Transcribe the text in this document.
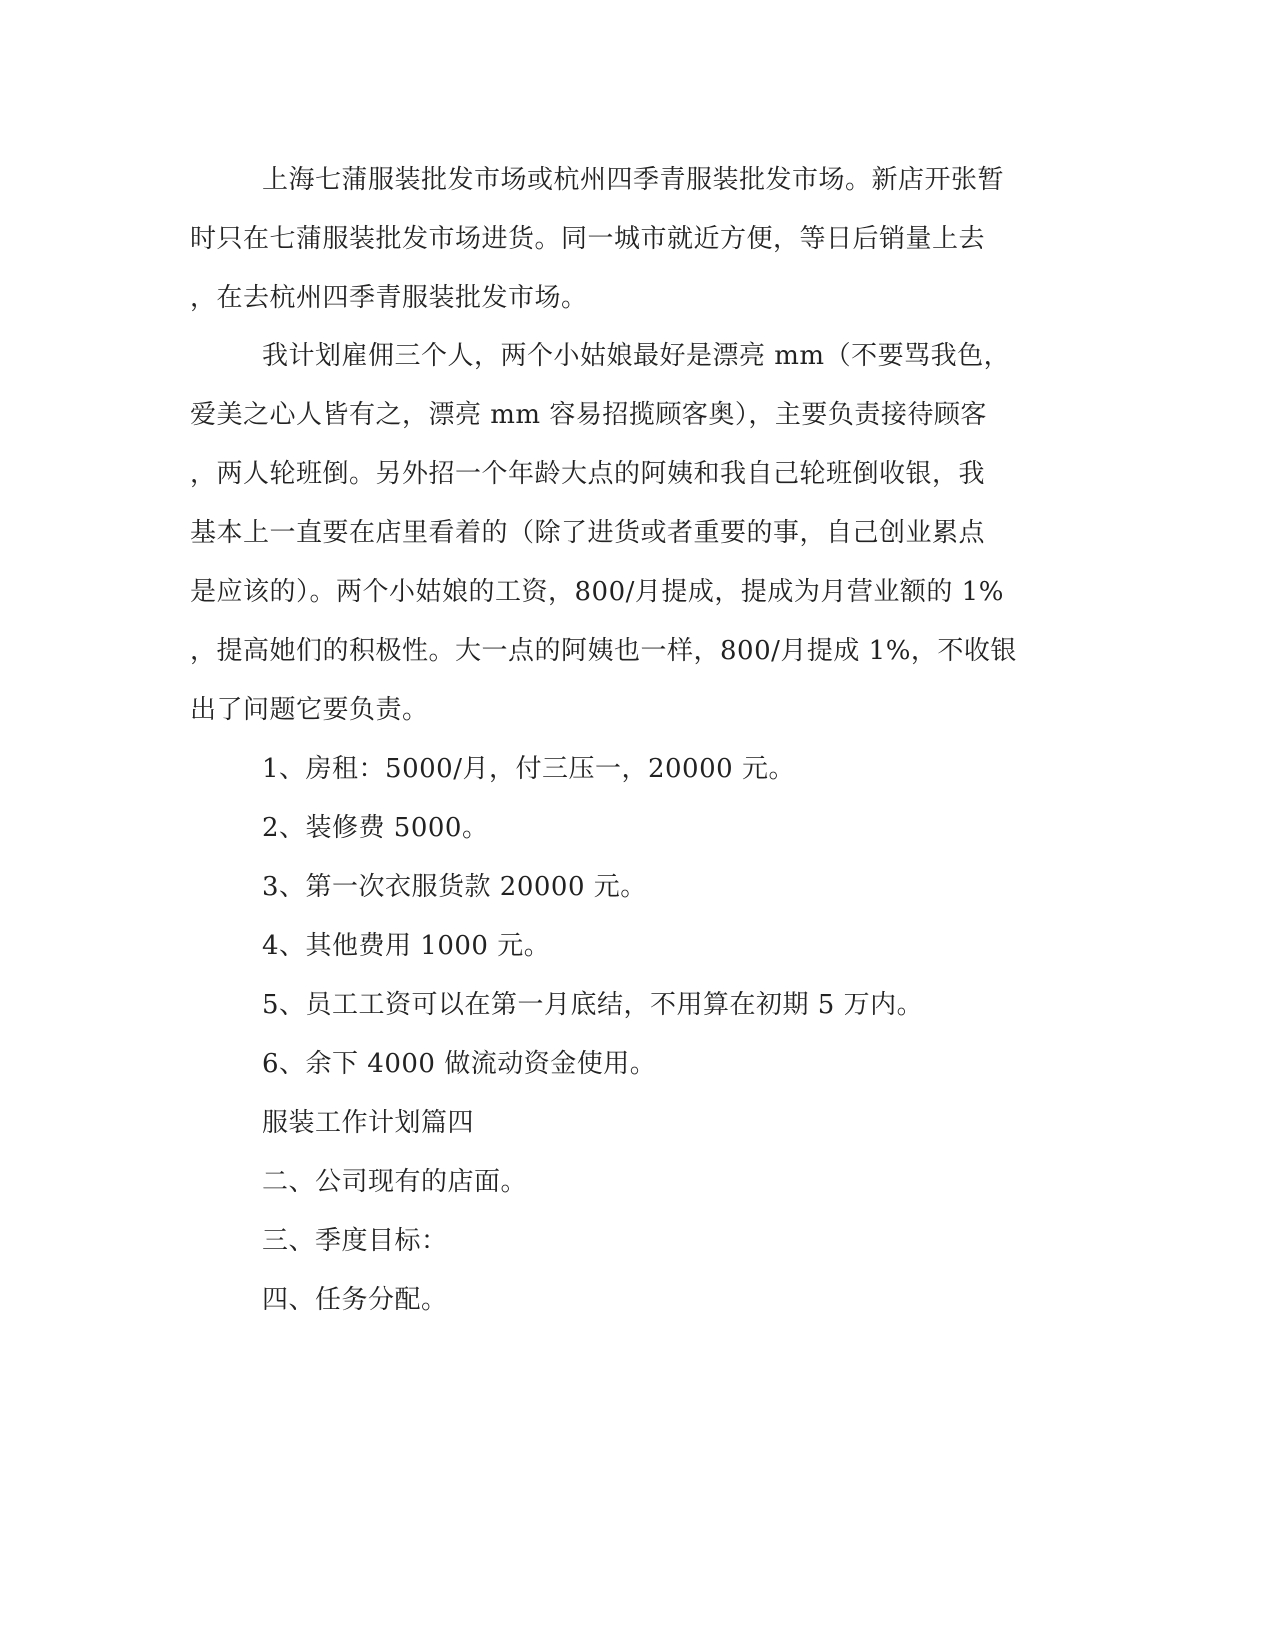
上海七蒲服装批发市场或杭州四季青服装批发市场。新店开张暂
时只在七蒲服装批发市场进货。同一城市就近方便，等日后销量上去
，在去杭州四季青服装批发市场。
我计划雇佣三个人，两个小姑娘最好是漂亮 mm（不要骂我色，
爱美之心人皆有之，漂亮 mm 容易招揽顾客奥），主要负责接待顾客
，两人轮班倒。另外招一个年龄大点的阿姨和我自己轮班倒收银，我
基本上一直要在店里看着的（除了进货或者重要的事，自己创业累点
是应该的）。两个小姑娘的工资，800/月提成，提成为月营业额的 1%
，提高她们的积极性。大一点的阿姨也一样，800/月提成 1%，不收银
出了问题它要负责。
1、房租：5000/月，付三压一，20000 元。
2、装修费 5000。
3、第一次衣服货款 20000 元。
4、其他费用 1000 元。
5、员工工资可以在第一月底结，不用算在初期 5 万内。
6、余下 4000 做流动资金使用。
服装工作计划篇四
二、公司现有的店面。
三、季度目标：
四、任务分配。
